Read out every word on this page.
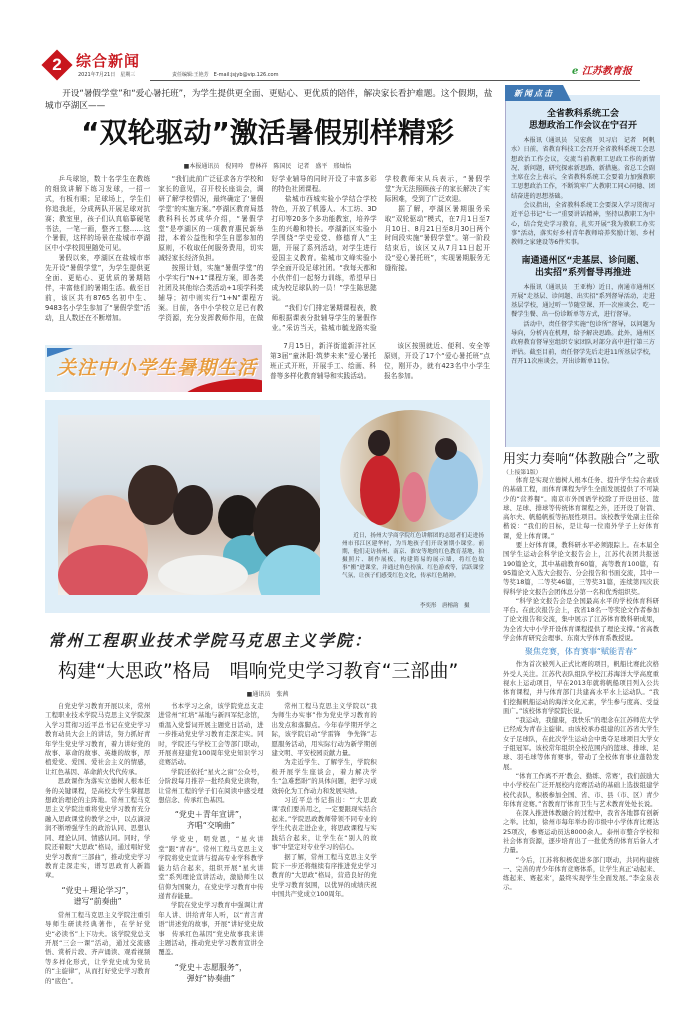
2 综合新闻
2021年7月21日　星期三	责任编辑:王艳芳　E-mail:jsjyb@vip.126.com	e 江苏教育报
开设“暑假学堂”和“爱心暑托班”，为学生提供更全面、更贴心、更优质的陪伴，解决家长看护难题。这个假期，盐城市亭湖区——
“双轮驱动”激活暑假别样精彩
■本报通讯员　倪同吟　曹林祥　陈国民　记者　盛平　邢灿怡

乒乓球馆，数十名学生在教练的细致讲解下练习发球，一招一式，有板有眼；足球场上，学生们你追我赶，分成两队开展足球对抗赛；教室里，孩子们认真临摹硬笔书法，一笔一画，整齐工整……这个暑假，这样的场景在盐城市亭湖区中小学校园里随处可见。

暑假以来，亭湖区在盐城市率先开设“暑假学堂”，为学生提供更全面、更贴心、更优质的暑期陪伴，丰富他们的暑期生活。截至目前，该区共有8765名初中生、9483名小学生参加了“暑假学堂”活动，且人数还在不断增加。

“我们此前广泛征求各方学校和家长的意见，召开校长座谈会，调研了解学校情况，最终确定了‘暑假学堂’的实施方案。”亭湖区教育局基教科科长苏成华介绍，“暑假学堂”是亭湖区的一项教育惠民新举措，本着公益性和学生自愿参加的原则，不收取任何服务费用，切实减轻家长经济负担。

按照计划，实施“暑假学堂”的小学实行“N+1”课程方案，即各类社团及其他综合类活动+1项学科类辅导；初中则实行“1+N”课程方案。目前，各中小学校立足已有教学资源，充分发挥教师作用，在做好学业辅导的同时开设了丰富多彩的特色社团课程。

盐城市西城实验小学结合学校特色，开放了机器人、木工坊、3D打印等20多个多功能教室，培养学生的兴趣和特长。亭湖新区实验小学围绕“学史爱党、修德育人”主题，开展了系列活动，对学生进行爱国主义教育。盐城市文峰实验小学全面开设足球社团。“我每天都和小伙伴们一起努力训练，希望早日成为校足球队的一员！”学生陈思懿说。

“我们专门排定暑期课程表，教师根据课表分批辅导学生的暑假作业。”采访当天，盐城市毓龙路实验学校教师宋从兵表示，“暑假学堂”为无法照顾孩子的家长解决了实际困难，受到了广泛欢迎。

据了解，亭湖区暑期服务采取“双轮驱动”模式，在7月1日至7月10日、8月21日至8月30日两个时间段实施“暑假学堂”。第一阶段结束后，该区又从7月11日起开设“爱心暑托班”，实现暑期服务无缝衔接。

7月15日，新洋街道新洋社区第3届“童沐阳·筑梦未来”爱心暑托班正式开班，开展手工、绘画、科普等多样化教育辅导和实践活动。

该区按照就近、便利、安全等原则，开设了17个“爱心暑托班”点位，刚开办，就有423名中小学生报名参加。

关注中小学生暑期生活
近日，扬州大学商学院红色讲解团的志愿者们走进扬州市邗江区建华村，为当地孩子们开设暑期小课堂。前期，他们走访扬州、南京、淮安等地的红色教育基地，拍摄照片、制作展板，构建简易的展示墙，将红色故事“搬”进课堂，并通过角色扮演、红色游戏等，活跃课堂气氛，让孩子们感受红色文化，传承红色精神。
李奕彤　唐榕韵　摄
常州工程职业技术学院马克思主义学院：
构建“大思政”格局　唱响党史学习教育“三部曲”
■通讯员　张茜

自党史学习教育开展以来，常州工程职业技术学院马克思主义学院深入学习贯彻习近平总书记在党史学习教育动员大会上的讲话，努力抓好青年学生党史学习教育，着力讲好党的故事、革命的故事、英雄的故事，厚植爱党、爱国、爱社会主义的情感，让红色基因、革命薪火代代传承。

思政课作为落实立德树人根本任务的关键课程，是高校大学生掌握思想政治理论的主阵地。常州工程马克思主义学院注重将党史学习教育充分融入思政课堂的教学之中，以点滴浸润不断增强学生的政治认同、思想认同、理论认同、情感认同。同时，学院还着眼“大思政”格局，通过唱好党史学习教育“三部曲”，推动党史学习教育走深走实，谱写思政育人新篇章。

“党史＋理论学习”，
谱写“前奏曲”

常州工程马克思主义学院注重引导师生研读经典著作，在学好党史“必读书”上下功夫。该学院党总支开展“三会一课”活动，通过交流感悟、赏析片段、齐声诵读、观看视频等多样化形式，让学党史成为党员的“主旋律”，从而打好党史学习教育的“底色”。

书本学习之余，该学院党总支走进常州“红培”基地与新四军纪念馆，重温入党誓词开展主题党日活动，进一步推动党史学习教育走深走实。同时，学院还与学校工会等部门联动，开展喜迎建党100周年党史知识学习竞赛活动。

学院还依托“星火之窗”公众号，分阶段每月推荐一批经典党史读物，让常州工程的学子们在阅读中感受理想信念、传承红色基因。

“党史＋青年宣讲”，
齐唱“交响曲”

学党史，明党恩，“星火讲堂”跟“青春”。常州工程马克思主义学院将党史宣讲与提高专业学科教学能力结合起来，组织开展“星火讲堂”系列理论宣讲活动，激励师生以信仰为国聚力，在党史学习教育中传递青春能量。

学院在党史学习教育中强调让青年人讲、讲给青年人听，以“青言青语”讲述党的故事，开展“讲好党史故事　传承红色基因”党史故事我来讲主题活动，推动党史学习教育宣讲全覆盖。

“党史＋志愿服务”，
弹好“协奏曲”

常州工程马克思主义学院以“我为师生办实事”作为党史学习教育的出发点和落脚点。今年春学期开学之际，该学院启动“学雷锋　争先锋”志愿服务活动，用实际行动为新学期创建文明、平安校园贡献力量。

为走近学生、了解学生，学院积极开展学生座谈会，着力解决学生“急难愁盼”的具体问题，把学习成效转化为工作动力和发展实绩。

习近平总书记指出：“‘大思政课’我们要善用之，一定要跟现实结合起来。”学院思政教师带领不同专业的学生代表走进企业，将思政课程与实践结合起来，让学生在“别人的故事”中坚定对专业学习的信心。

据了解，常州工程马克思主义学院下一步还将继续有序推进党史学习教育的“大思政”格局，营造良好的党史学习教育氛围，以优异的成绩庆祝中国共产党成立100周年。

新闻点击
全省教科系统工会
思想政治工作会议在宁召开

本报讯（通讯员　吴宏燕　贝习启　记者　阿帆水）日前，省教育科技工会召开全省教科系统工会思想政治工作会议，交流当前教职工思政工作的新情况、新问题，研究探索新思路、新措施。省总工会副主席在会上表示，全省教科系统工会要着力加强教职工思想政治工作，不断筑牢广大教职工同心同德、团结奋进的思想基础。

会议指出，全省教科系统工会要深入学习贯彻习近平总书记“七一”重要讲话精神，坚持以教职工为中心，结合党史学习教育，扎实开展“我为教职工办实事”活动，落实好乡村青年教师培养奖励计划、乡村教师之家建设等6件实事。

南通通州区“走基层、诊问题、
出实招”系列督导再推进

本报讯（通讯员　王亚梅）近日，南通市通州区开展“走基层、诊问题、出实招”系列督导活动，走进基层学校，通过听一节随堂课、开一次座谈会、吃一餐学生餐、出一份诊断单等方式，进行督导。

活动中，责任督学实施“包诊所”督导，以问题为导向，分析内在机理，给予解决思路。此外，通州区政府教育督导室组织专家团队对部分高中进行第三方评估。截至目前，责任督学先后走进11所基层学校，召开11次座谈会，开出诊断单11份。

用实力奏响“体教融合”之歌
（上接第1版）

体育是实现立德树人根本任务、提升学生综合素质的基础工程，而体育课程为学生全面发展提供了不可缺少的“营养餐”。南京市外国语学校除了开设田径、篮球、足球、排球等传统体育课程之外，还开设了射箭、高尔夫、帆船帆板等拓展性项目。该校教学处副主任徐楷说：“我们的目标，是让每一位南外学子上好体育课，爱上体育课。”

要上好体育课，教科研水平必须跟踪上。在本届全国学生运动会科学论文报告会上，江苏代表团共报送190篇论文，其中基础教育60篇，高等教育100篇，有95篇论文入选大会报告、分会报告和书面交流，其中一等奖18篇，二等奖46篇，三等奖31篇，连续第四次获得科学论文报告会团体总分第一名和优秀组织奖。

“科学论文报告会是全国最高水平的学校体育科研平台。在此次报告会上，我省18名一等奖论文作者参加了论文报告和交流，集中展示了江苏体育教科研成果，为全省大中小学开设体育课程提供了理论支撑。”省高教学会体育研究会理事、东南大学体育系教授说。

聚焦竞赛，体育赛事“赋能青春”

作为首次被列入正式比赛的项目，帆船比赛此次格外受人关注。江苏代表队组队学校江苏海洋大学高度重视水上运动项目，早在2013年就将帆船项目列入公共体育课程，并与体育部门共建高水平水上运动队。“我们挖掘帆船运动的海洋文化元素，学生参与度高、受益面广。”该校体育学院院长说。

“我运动，我健康，我快乐”的理念在江苏师范大学已经成为青春主旋律。由该校承办组建的江苏省大学生女子足球队，在此次学生运动会中勇夺足球项目大学女子组冠军。该校常年组织全校范围内的篮球、排球、足球、羽毛球等体育赛事，带动了全校体育事业蓬勃发展。

“体育工作离不开‘教会、勤练、常赛’，我们鼓励大中小学校在广泛开展校内竞赛活动的基础上选拔组建学校代表队，积极参加全国、省、市、县（市、区）青少年体育竞赛。”省教育厅体育卫生与艺术教育处处长说。

在深入推进体教融合的过程中，我省各地都有创新之举。比如，徐州市每年举办的市级中小学体育比赛达25项次，参赛运动员达8000余人。泰州市整合学校和社会体育资源，逐步培育出了一批优秀的体育后备人才力量。

“今后，江苏将积极促进多部门联动，共同构建统一、完善的青少年体育竞赛体系，让学生真正‘动起来、练起来、赛起来’，最终实现学生全面发展。”李金泉表示。
